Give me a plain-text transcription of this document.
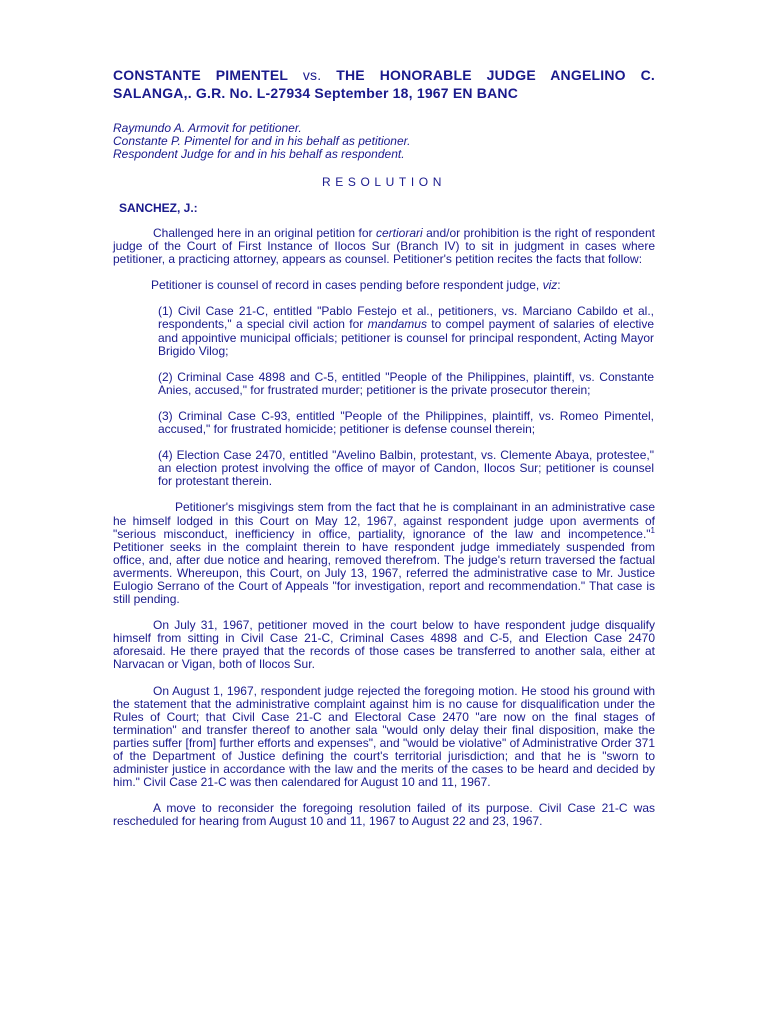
CONSTANTE PIMENTEL vs. THE HONORABLE JUDGE ANGELINO C. SALANGA,. G.R. No. L-27934 September 18, 1967 EN BANC
Raymundo A. Armovit for petitioner.
Constante P. Pimentel for and in his behalf as petitioner.
Respondent Judge for and in his behalf as respondent.
RESOLUTION
SANCHEZ, J.:

Challenged here in an original petition for certiorari and/or prohibition is the right of respondent judge of the Court of First Instance of Ilocos Sur (Branch IV) to sit in judgment in cases where petitioner, a practicing attorney, appears as counsel. Petitioner's petition recites the facts that follow:

Petitioner is counsel of record in cases pending before respondent judge, viz:

(1) Civil Case 21-C, entitled "Pablo Festejo et al., petitioners, vs. Marciano Cabildo et al., respondents," a special civil action for mandamus to compel payment of salaries of elective and appointive municipal officials; petitioner is counsel for principal respondent, Acting Mayor Brigido Vilog;

(2) Criminal Case 4898 and C-5, entitled "People of the Philippines, plaintiff, vs. Constante Anies, accused," for frustrated murder; petitioner is the private prosecutor therein;

(3) Criminal Case C-93, entitled "People of the Philippines, plaintiff, vs. Romeo Pimentel, accused," for frustrated homicide; petitioner is defense counsel therein;

(4) Election Case 2470, entitled "Avelino Balbin, protestant, vs. Clemente Abaya, protestee," an election protest involving the office of mayor of Candon, Ilocos Sur; petitioner is counsel for protestant therein.

Petitioner's misgivings stem from the fact that he is complainant in an administrative case he himself lodged in this Court on May 12, 1967, against respondent judge upon averments of "serious misconduct, inefficiency in office, partiality, ignorance of the law and incompetence."$^1$ Petitioner seeks in the complaint therein to have respondent judge immediately suspended from office, and, after due notice and hearing, removed therefrom. The judge's return traversed the factual averments. Whereupon, this Court, on July 13, 1967, referred the administrative case to Mr. Justice Eulogio Serrano of the Court of Appeals "for investigation, report and recommendation." That case is still pending.

On July 31, 1967, petitioner moved in the court below to have respondent judge disqualify himself from sitting in Civil Case 21-C, Criminal Cases 4898 and C-5, and Election Case 2470 aforesaid. He there prayed that the records of those cases be transferred to another sala, either at Narvacan or Vigan, both of Ilocos Sur.

On August 1, 1967, respondent judge rejected the foregoing motion. He stood his ground with the statement that the administrative complaint against him is no cause for disqualification under the Rules of Court; that Civil Case 21-C and Electoral Case 2470 "are now on the final stages of termination" and transfer thereof to another sala "would only delay their final disposition, make the parties suffer [from] further efforts and expenses", and "would be violative" of Administrative Order 371 of the Department of Justice defining the court's territorial jurisdiction; and that he is "sworn to administer justice in accordance with the law and the merits of the cases to be heard and decided by him." Civil Case 21-C was then calendared for August 10 and 11, 1967.

A move to reconsider the foregoing resolution failed of its purpose. Civil Case 21-C was rescheduled for hearing from August 10 and 11, 1967 to August 22 and 23, 1967.
